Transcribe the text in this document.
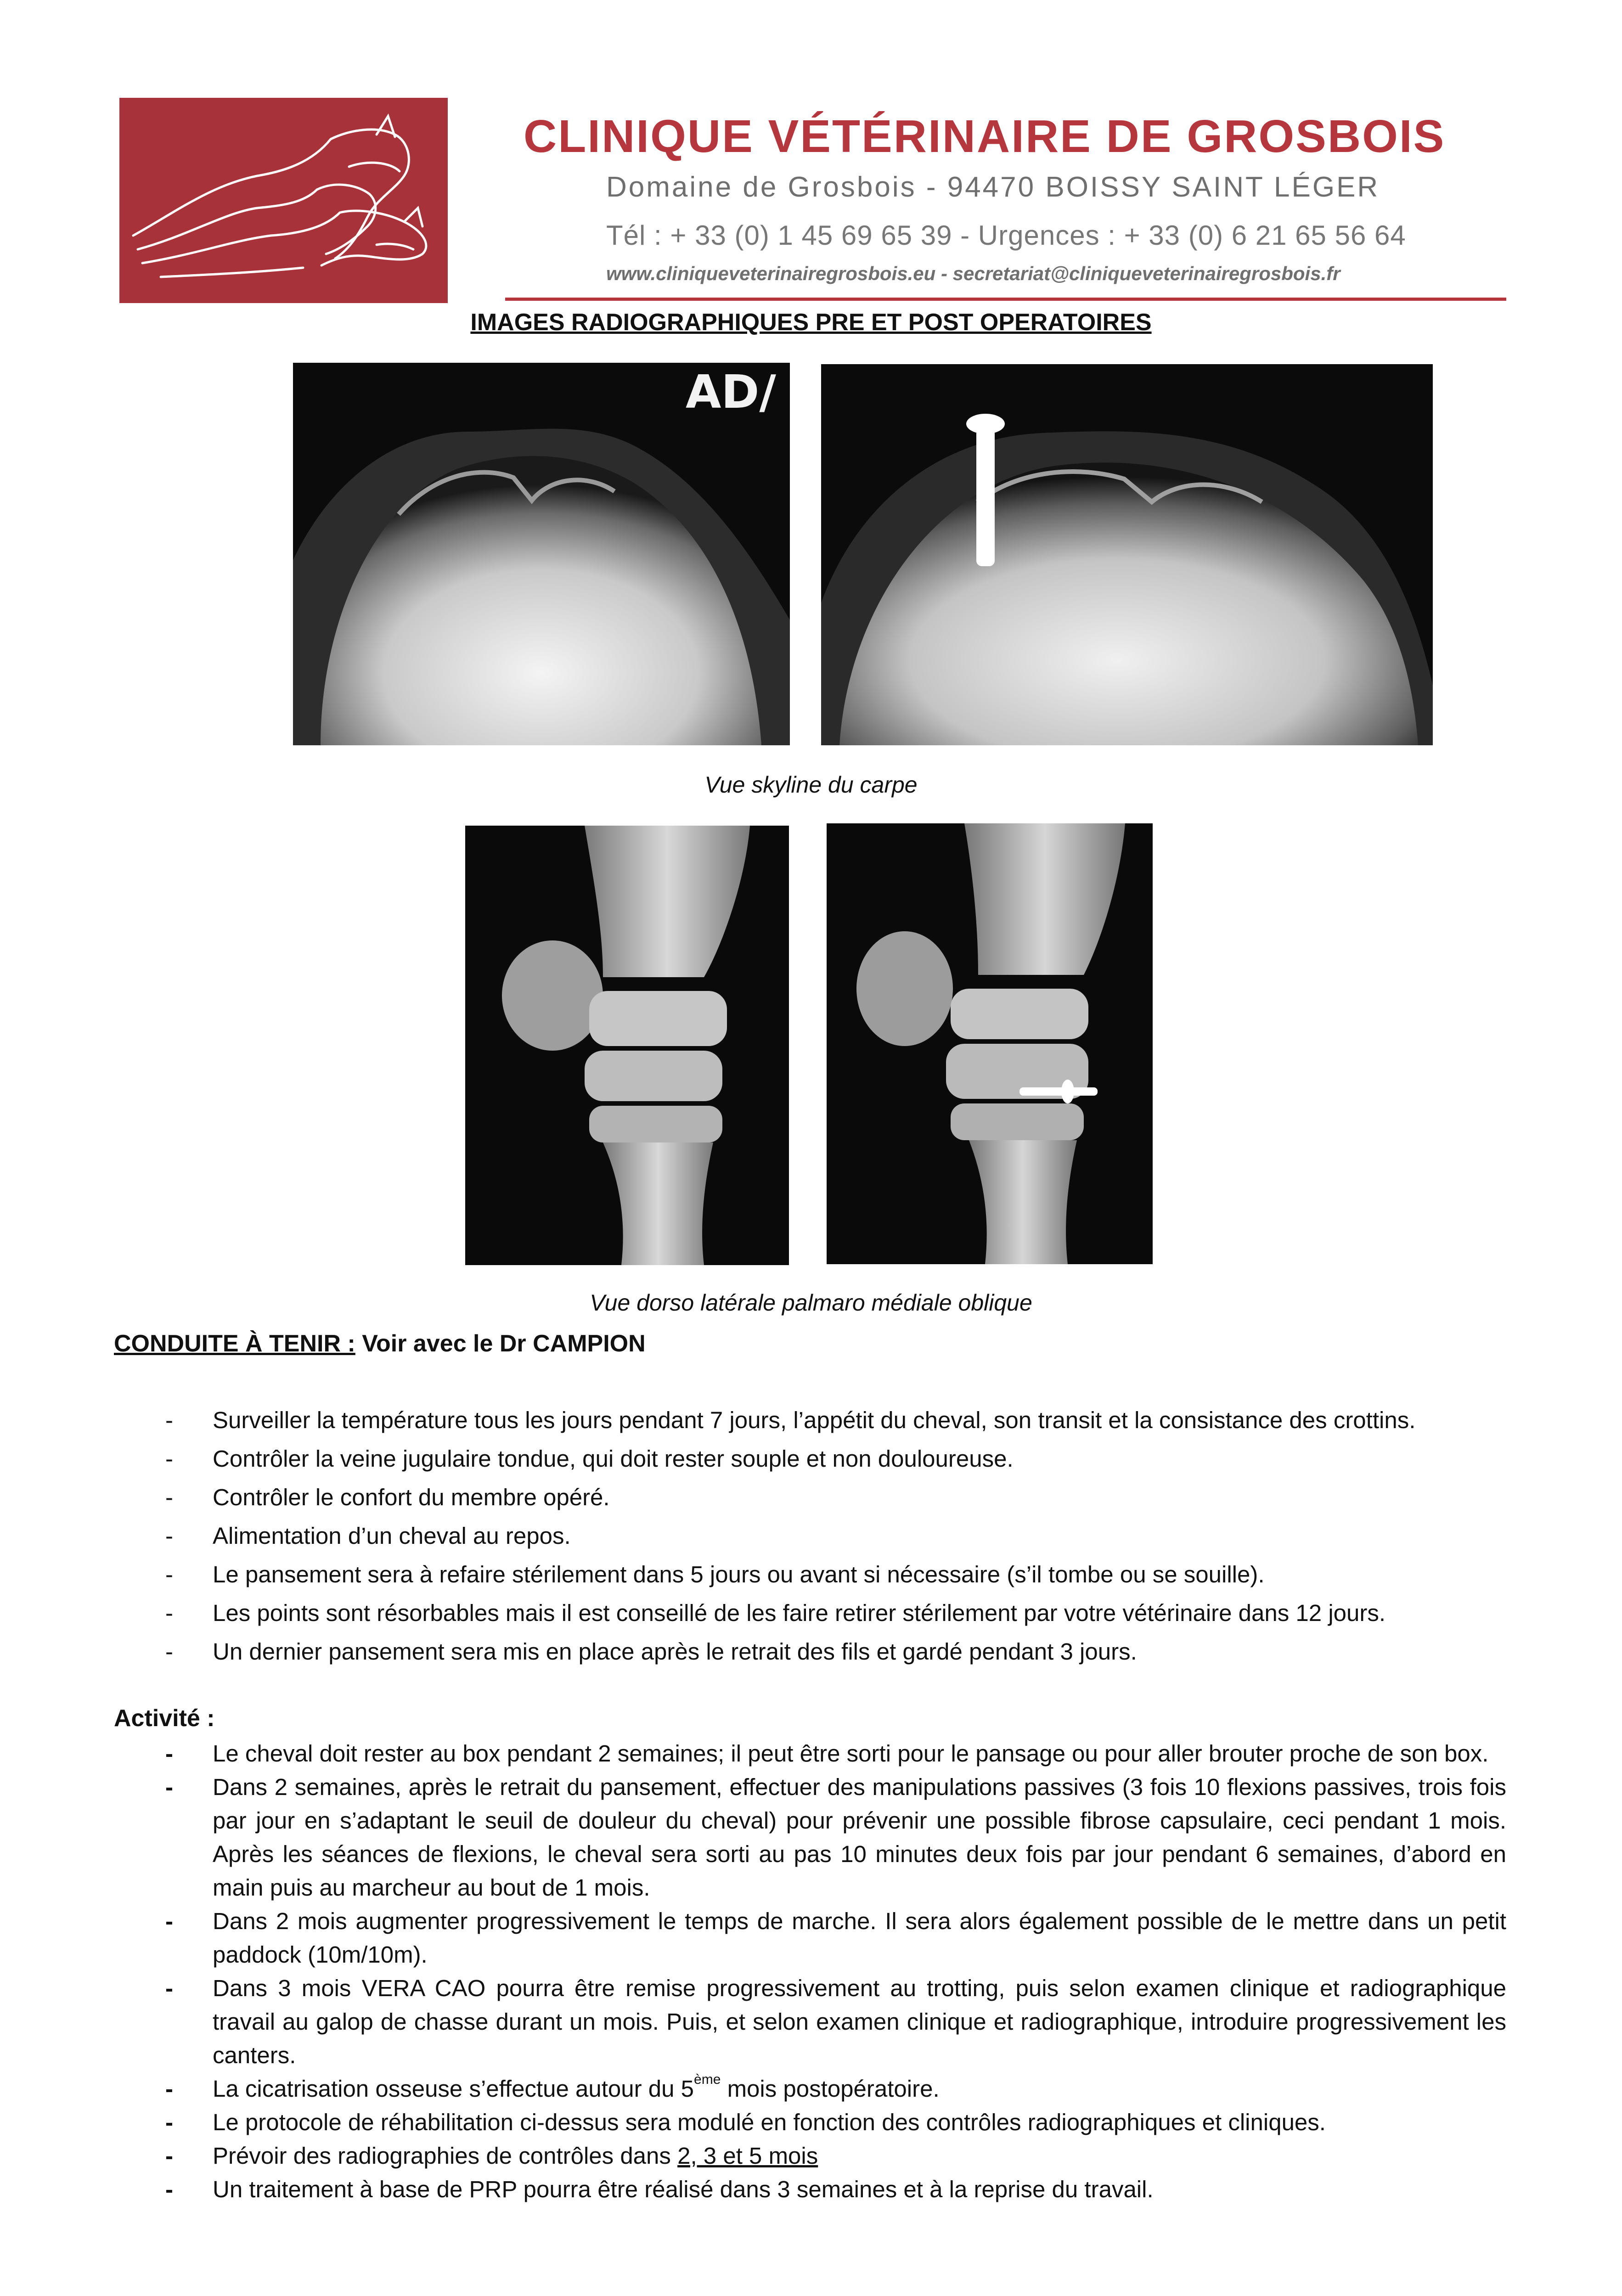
CLINIQUE VÉTÉRINAIRE DE GROSBOIS
Domaine de Grosbois - 94470 BOISSY SAINT LÉGER
Tél : + 33 (0) 1 45 69 65 39 - Urgences : + 33 (0) 6 21 65 56 64
www.cliniqueveterinairegrosbois.eu - secretariat@cliniqueveterinairegrosbois.fr
IMAGES RADIOGRAPHIQUES PRE ET POST OPERATOIRES
AD/
Vue skyline du carpe
Vue dorso latérale palmaro médiale oblique
CONDUITE À TENIR : Voir avec le Dr CAMPION
- Surveiller la température tous les jours pendant 7 jours, l’appétit du cheval, son transit et la consistance des crottins.
- Contrôler la veine jugulaire tondue, qui doit rester souple et non douloureuse.
- Contrôler le confort du membre opéré.
- Alimentation d’un cheval au repos.
- Le pansement sera à refaire stérilement dans 5 jours ou avant si nécessaire (s’il tombe ou se souille).
- Les points sont résorbables mais il est conseillé de les faire retirer stérilement par votre vétérinaire dans 12 jours.
- Un dernier pansement sera mis en place après le retrait des fils et gardé pendant 3 jours.
Activité :
- Le cheval doit rester au box pendant 2 semaines; il peut être sorti pour le pansage ou pour aller brouter proche de son box.
- Dans 2 semaines, après le retrait du pansement, effectuer des manipulations passives (3 fois 10 flexions passives, trois fois par jour en s’adaptant le seuil de douleur du cheval) pour prévenir une possible fibrose capsulaire, ceci pendant 1 mois. Après les séances de flexions, le cheval sera sorti au pas 10 minutes deux fois par jour pendant 6 semaines, d’abord en main puis au marcheur au bout de 1 mois.
- Dans 2 mois augmenter progressivement le temps de marche. Il sera alors également possible de le mettre dans un petit paddock (10m/10m).
- Dans 3 mois VERA CAO pourra être remise progressivement au trotting, puis selon examen clinique et radiographique travail au galop de chasse durant un mois. Puis, et selon examen clinique et radiographique, introduire progressivement les canters.
- La cicatrisation osseuse s’effectue autour du 5ème mois postopératoire.
- Le protocole de réhabilitation ci-dessus sera modulé en fonction des contrôles radiographiques et cliniques.
- Prévoir des radiographies de contrôles dans 2, 3 et 5 mois
- Un traitement à base de PRP pourra être réalisé dans 3 semaines et à la reprise du travail.
